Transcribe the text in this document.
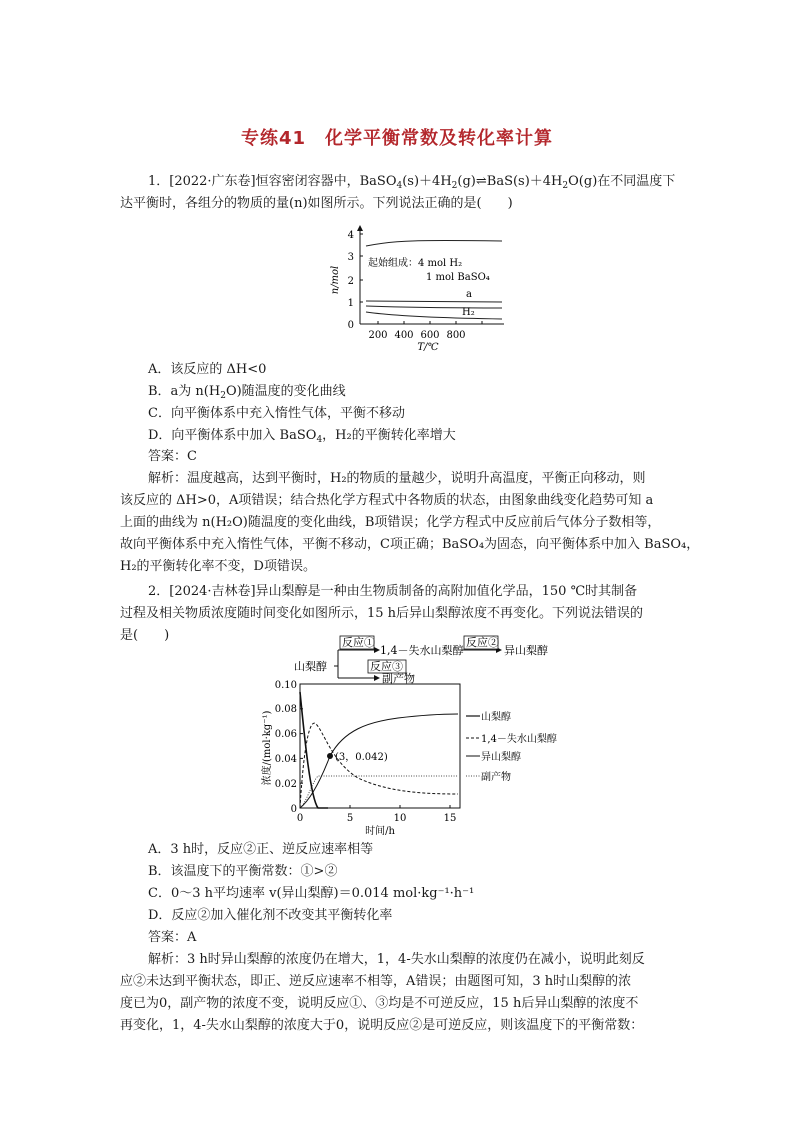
专练41　化学平衡常数及转化率计算
1．[2022·广东卷]恒容密闭容器中，$BaSO_4(s)+4H_2(g)\rightleftharpoons BaS(s)+4H_2O(g)$在不同温度下
达平衡时，各组分的物质的量(n)如图所示。下列说法正确的是(　　)
0
1
2
3
4
200 400 600 800
n/mol
T/℃
起始组成：4 mol H₂
1 mol BaSO₄
a
H₂
A．该反应的 ΔH<0
B．a为 $n(H_2O)$随温度的变化曲线
C．向平衡体系中充入惰性气体，平衡不移动
D．向平衡体系中加入 BaSO$_4$，H₂的平衡转化率增大
答案：C
解析：温度越高，达到平衡时，H₂的物质的量越少，说明升高温度，平衡正向移动，则
该反应的 ΔH>0，A项错误；结合热化学方程式中各物质的状态，由图象曲线变化趋势可知 a
上面的曲线为 n(H₂O)随温度的变化曲线，B项错误；化学方程式中反应前后气体分子数相等，
故向平衡体系中充入惰性气体，平衡不移动，C项正确；BaSO₄为固态，向平衡体系中加入 BaSO₄，
H₂的平衡转化率不变，D项错误。
2．[2024·吉林卷]异山梨醇是一种由生物质制备的高附加值化学品，150 ℃时其制备
过程及相关物质浓度随时间变化如图所示，15 h后异山梨醇浓度不再变化。下列说法错误的
是(　　)
山梨醇
反应①
反应③
1,4－失水山梨醇
反应②
异山梨醇
副产物
0
0.02
0.04
0.06
0.08
0.10
0	5	10	15
浓度/(mol·kg⁻¹)
时间/h
(3，0.042)
山梨醇
1,4－失水山梨醇
异山梨醇
副产物
A．3 h时，反应②正、逆反应速率相等
B．该温度下的平衡常数：①>②
C．0～3 h平均速率 v(异山梨醇)＝0.014 mol·kg⁻¹·h⁻¹
D．反应②加入催化剂不改变其平衡转化率
答案：A
解析：3 h时异山梨醇的浓度仍在增大，1，4-失水山梨醇的浓度仍在减小，说明此刻反
应②未达到平衡状态，即正、逆反应速率不相等，A错误；由题图可知，3 h时山梨醇的浓
度已为0，副产物的浓度不变，说明反应①、③均是不可逆反应，15 h后异山梨醇的浓度不
再变化，1，4-失水山梨醇的浓度大于0，说明反应②是可逆反应，则该温度下的平衡常数：
